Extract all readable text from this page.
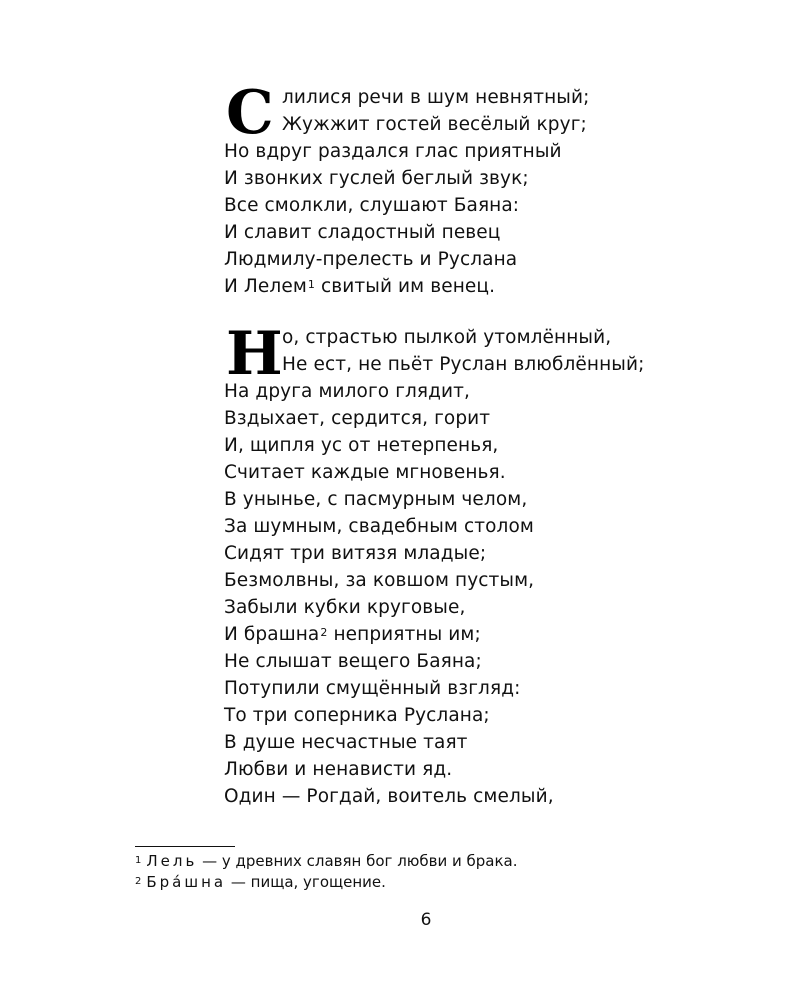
С лилися речи в шум невнятный;
Жужжит гостей весёлый круг;
Но вдруг раздался глас приятный
И звонких гуслей беглый звук;
Все смолкли, слушают Баяна:
И славит сладостный певец
Людмилу-прелесть и Руслана
И Лелем$^1$ свитый им венец.
Н о, страстью пылкой утомлённый,
Не ест, не пьёт Руслан влюблённый;
На друга милого глядит,
Вздыхает, сердится, горит
И, щипля ус от нетерпенья,
Считает каждые мгновенья.
В унынье, с пасмурным челом,
За шумным, свадебным столом
Сидят три витязя младые;
Безмолвны, за ковшом пустым,
Забыли кубки круговые,
И брашна$^2$ неприятны им;
Не слышат вещего Баяна;
Потупили смущённый взгляд:
То три соперника Руслана;
В душе несчастные таят
Любви и ненависти яд.
Один — Рогдай, воитель смелый,
$^1$ Лель — у древних славян бог любви и брака.
$^2$ Бра́шна — пища, угощение.
6
